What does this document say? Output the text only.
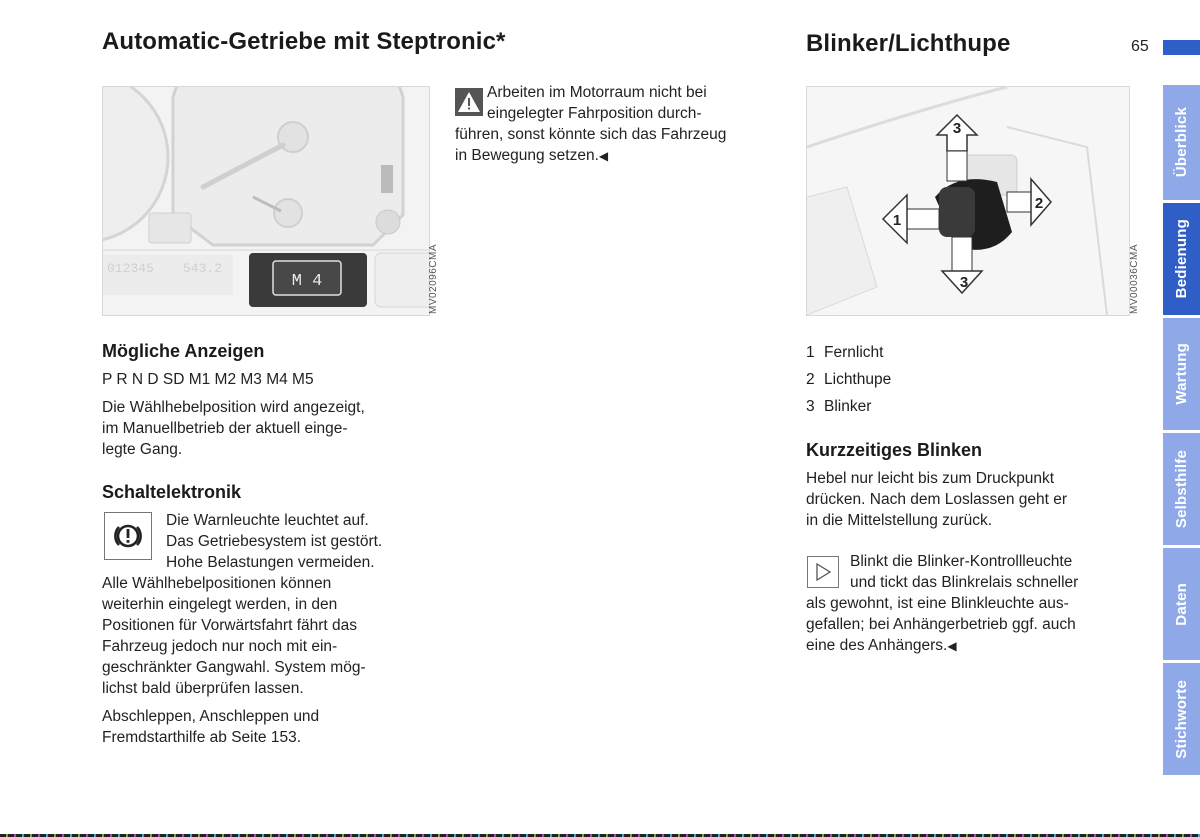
Automatic-Getriebe mit Steptronic*	Blinker/Lichthupe	65
012345 543.2
M 4	MV02096CMA

Arbeiten im Motorraum nicht bei

eingelegter Fahrposition durch-

führen, sonst könnte sich das Fahrzeug

in Bewegung setzen.◀

3
2
1
3	MV00036CMA
Mögliche Anzeigen

P R N D SD M1 M2 M3 M4 M5

Die Wählhebelposition wird angezeigt,

im Manuellbetrieb der aktuell einge-

legte Gang.

Schaltelektronik

Die Warnleuchte leuchtet auf.

Das Getriebesystem ist gestört.

Hohe Belastungen vermeiden.

Alle Wählhebelpositionen können

weiterhin eingelegt werden, in den

Positionen für Vorwärtsfahrt fährt das

Fahrzeug jedoch nur noch mit ein-

geschränkter Gangwahl. System mög-

lichst bald überprüfen lassen.

Abschleppen, Anschleppen und

Fremdstarthilfe ab Seite 153.

1 Fernlicht
2 Lichthupe
3 Blinker
Kurzzeitiges Blinken

Hebel nur leicht bis zum Druckpunkt

drücken. Nach dem Loslassen geht er

in die Mittelstellung zurück.

Blinkt die Blinker-Kontrollleuchte

und tickt das Blinkrelais schneller

als gewohnt, ist eine Blinkleuchte aus-

gefallen; bei Anhängerbetrieb ggf. auch

eine des Anhängers.◀

Überblick
Bedienung
Wartung
Selbsthilfe
Daten
Stichworte
